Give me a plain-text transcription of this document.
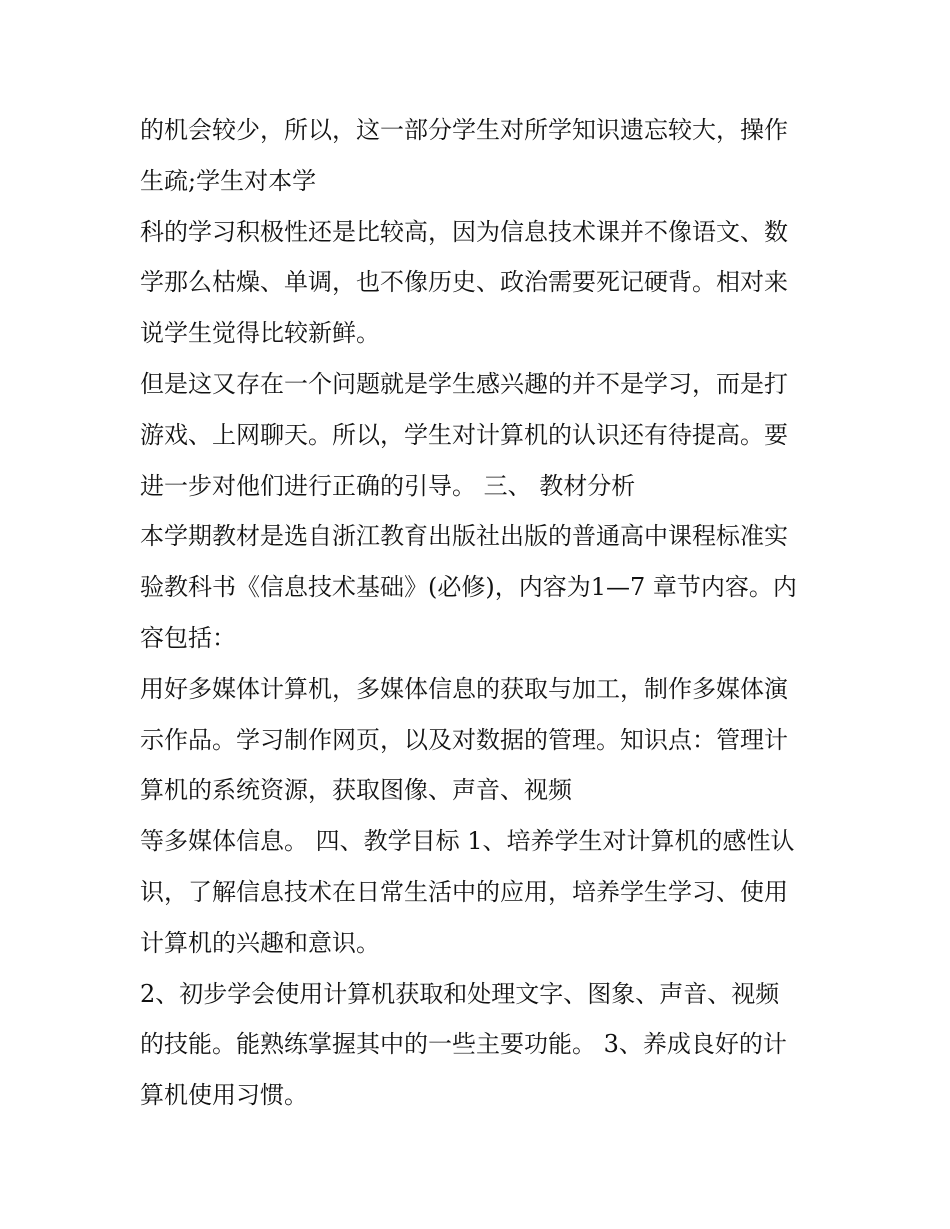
的机会较少，所以，这一部分学生对所学知识遗忘较大，操作
生疏;学生对本学
科的学习积极性还是比较高，因为信息技术课并不像语文、数
学那么枯燥、单调，也不像历史、政治需要死记硬背。相对来
说学生觉得比较新鲜。
但是这又存在一个问题就是学生感兴趣的并不是学习，而是打
游戏、上网聊天。所以，学生对计算机的认识还有待提高。要
进一步对他们进行正确的引导。 三、 教材分析
本学期教材是选自浙江教育出版社出版的普通高中课程标准实
验教科书《信息技术基础》(必修)，内容为1—7 章节内容。内
容包括：
用好多媒体计算机，多媒体信息的获取与加工，制作多媒体演
示作品。学习制作网页，以及对数据的管理。知识点：管理计
算机的系统资源，获取图像、声音、视频
等多媒体信息。 四、教学目标 1、培养学生对计算机的感性认
识，了解信息技术在日常生活中的应用，培养学生学习、使用
计算机的兴趣和意识。
2、初步学会使用计算机获取和处理文字、图象、声音、视频
的技能。能熟练掌握其中的一些主要功能。 3、养成良好的计
算机使用习惯。
